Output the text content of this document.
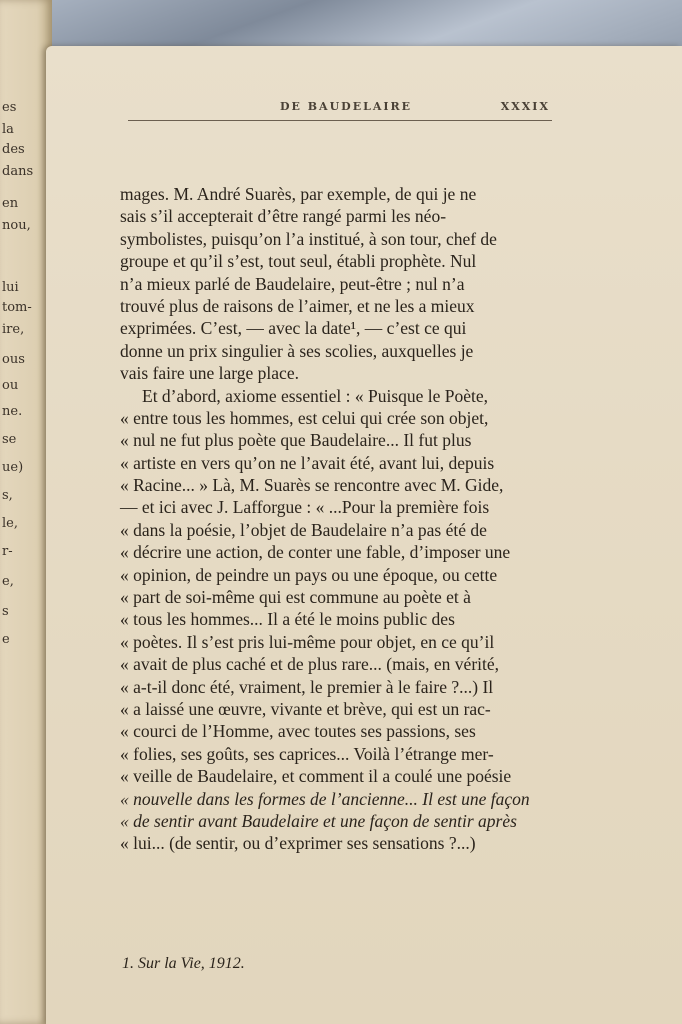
es
la
des
dans
en
nou,
lui
tom-
ire,
ous
ou
ne.
se
ue)
s,
le,
r-
e,
s
e
DE BAUDELAIRE	XXXIX
mages. M. André Suarès, par exemple, de qui je ne
sais s’il accepterait d’être rangé parmi les néo-
symbolistes, puisqu’on l’a institué, à son tour, chef de
groupe et qu’il s’est, tout seul, établi prophète. Nul
n’a mieux parlé de Baudelaire, peut-être ; nul n’a
trouvé plus de raisons de l’aimer, et ne les a mieux
exprimées. C’est, — avec la date¹, — c’est ce qui
donne un prix singulier à ses scolies, auxquelles je
vais faire une large place.
Et d’abord, axiome essentiel : « Puisque le Poète,
« entre tous les hommes, est celui qui crée son objet,
« nul ne fut plus poète que Baudelaire... Il fut plus
« artiste en vers qu’on ne l’avait été, avant lui, depuis
« Racine... » Là, M. Suarès se rencontre avec M. Gide,
— et ici avec J. Lafforgue : « ...Pour la première fois
« dans la poésie, l’objet de Baudelaire n’a pas été de
« décrire une action, de conter une fable, d’imposer une
« opinion, de peindre un pays ou une époque, ou cette
« part de soi-même qui est commune au poète et à
« tous les hommes... Il a été le moins public des
« poètes. Il s’est pris lui-même pour objet, en ce qu’il
« avait de plus caché et de plus rare... (mais, en vérité,
« a-t-il donc été, vraiment, le premier à le faire ?...) Il
« a laissé une œuvre, vivante et brève, qui est un rac-
« courci de l’Homme, avec toutes ses passions, ses
« folies, ses goûts, ses caprices... Voilà l’étrange mer-
« veille de Baudelaire, et comment il a coulé une poésie
« nouvelle dans les formes de l’ancienne... Il est une façon
« de sentir avant Baudelaire et une façon de sentir après
« lui... (de sentir, ou d’exprimer ses sensations ?...)
1. Sur la Vie, 1912.
